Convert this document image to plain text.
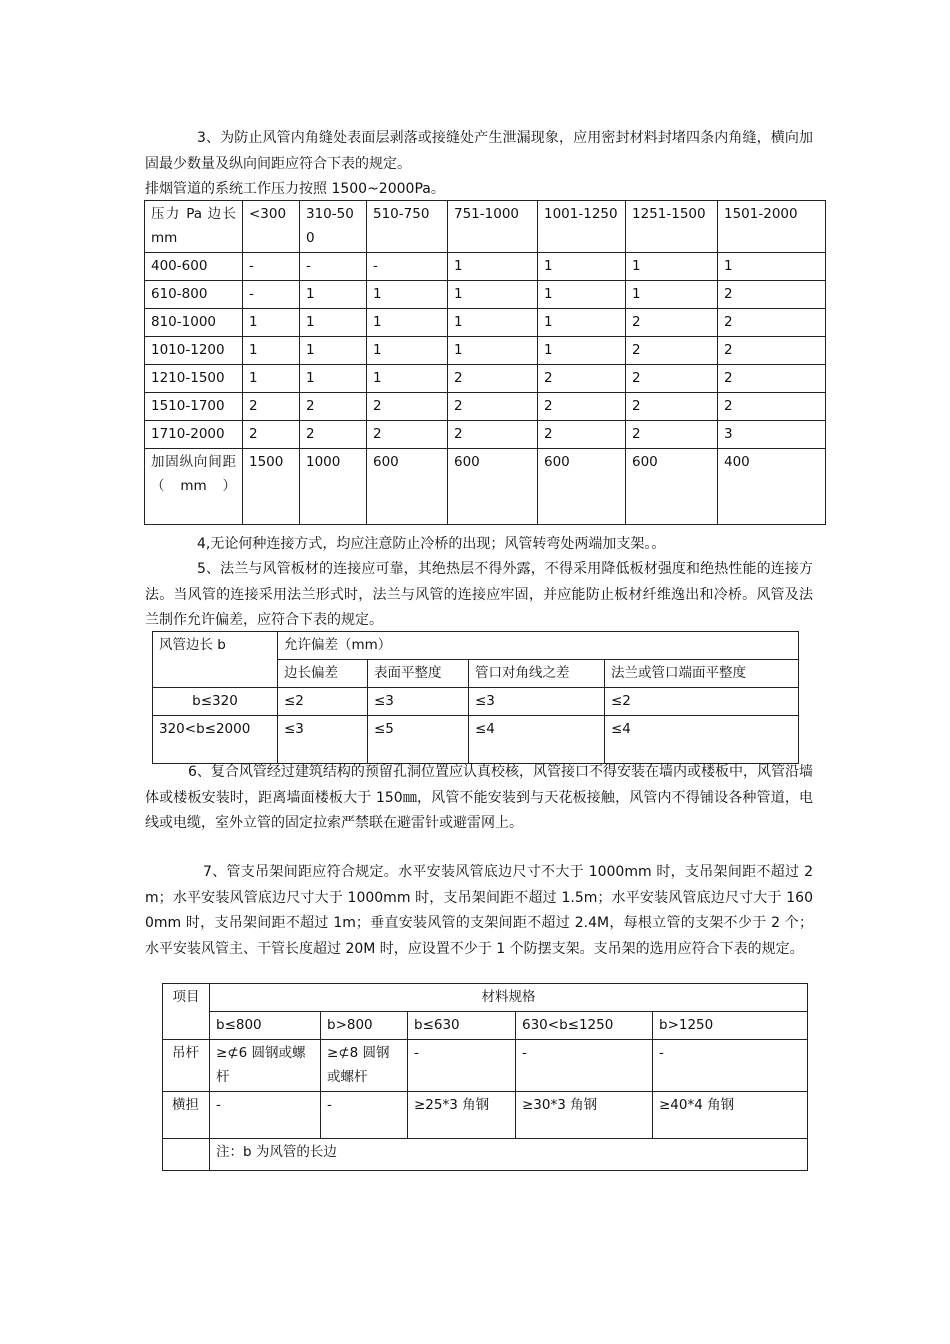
3、为防止风管内角缝处表面层剥落或接缝处产生泄漏现象，应用密封材料封堵四条内角缝，横向加固最少数量及纵向间距应符合下表的规定。

排烟管道的系统工作压力按照 1500~2000Pa。

压力 Pa 边长 mm	<300	310-500	510-750	751-1000	1001-1250	1251-1500	1501-2000
400-600	-	-	-	1	1	1	1
610-800	-	1	1	1	1	1	2
810-1000	1	1	1	1	1	2	2
1010-1200	1	1	1	1	1	2	2
1210-1500	1	1	1	2	2	2	2
1510-1700	2	2	2	2	2	2	2
1710-2000	2	2	2	2	2	2	3
加固纵向间距（mm）	1500	1000	600	600	600	600	400

4,无论何种连接方式，均应注意防止冷桥的出现；风管转弯处两端加支架。。

5、法兰与风管板材的连接应可靠，其绝热层不得外露，不得采用降低板材强度和绝热性能的连接方法。当风管的连接采用法兰形式时，法兰与风管的连接应牢固，并应能防止板材纤维逸出和冷桥。风管及法兰制作允许偏差，应符合下表的规定。

风管边长 b	允许偏差（mm）			
	边长偏差	表面平整度	管口对角线之差	法兰或管口端面平整度
b≤320	≤2	≤3	≤3	≤2
320<b≤2000	≤3	≤5	≤4	≤4

6、复合风管经过建筑结构的预留孔洞位置应认真校核，风管接口不得安装在墙内或楼板中，风管沿墙体或楼板安装时，距离墙面楼板大于 150㎜，风管不能安装到与天花板接触，风管内不得铺设各种管道，电线或电缆，室外立管的固定拉索严禁联在避雷针或避雷网上。

7、管支吊架间距应符合规定。水平安装风管底边尺寸不大于 1000mm 时，支吊架间距不超过 2m；水平安装风管底边尺寸大于 1000mm 时，支吊架间距不超过 1.5m；水平安装风管底边尺寸大于 1600mm 时，支吊架间距不超过 1m；垂直安装风管的支架间距不超过 2.4M，每根立管的支架不少于 2 个；水平安装风管主、干管长度超过 20M 时，应设置不少于 1 个防摆支架。支吊架的选用应符合下表的规定。

项目	材料规格				
	b≤800	b>800	b≤630	630<b≤1250	b>1250
吊杆	≥⊄6 圆钢或螺杆	≥⊄8 圆钢或螺杆	-	-	-
横担	-	-	≥25*3 角钢	≥30*3 角钢	≥40*4 角钢
	注：b 为风管的长边				
